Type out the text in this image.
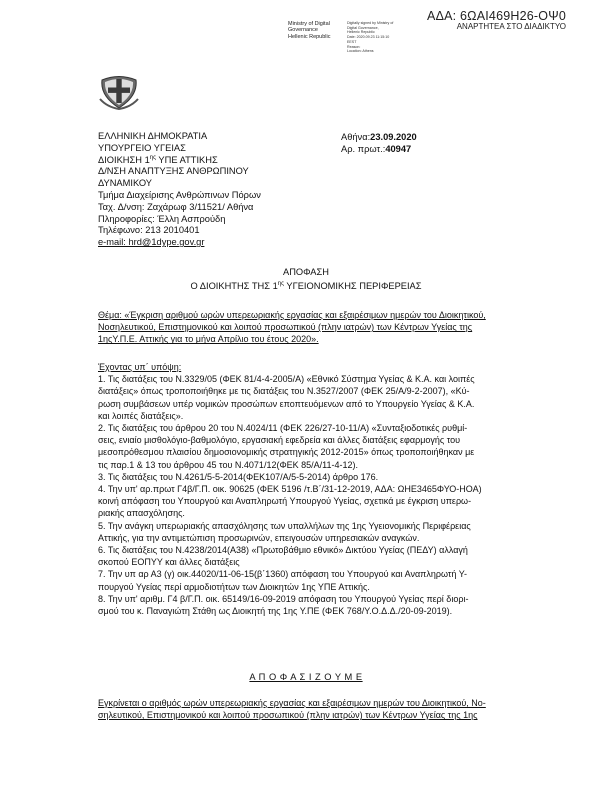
ΑΔΑ: 6ΩΑΙ469Η26-ΟΨ0
ΑΝΑΡΤΗΤΕΑ ΣΤΟ ΔΙΑΔΙΚΤΥΟ
Ministry of Digital
Governance
Hellenic Republic
Digitally signed by Ministry of
Digital Governance,
Hellenic Republic
Date: 2020.09.23 11:15:10
EEST
Reason:
Location: Athens
ΕΛΛΗΝΙΚΗ ΔΗΜΟΚΡΑΤΙΑ
ΥΠΟΥΡΓΕΙΟ ΥΓΕΙΑΣ
ΔΙΟΙΚΗΣΗ $1^{\eta\varsigma}$ ΥΠΕ ΑΤΤΙΚΗΣ
Δ/ΝΣΗ ΑΝΑΠΤΥΞΗΣ ΑΝΘΡΩΠΙΝΟΥ
ΔΥΝΑΜΙΚΟΥ
Τμήμα Διαχείρισης Ανθρώπινων Πόρων
Ταχ. Δ/νση: Ζαχάρωφ 3/11521/ Αθήνα
Πληροφορίες: Έλλη Ασπρούδη
Τηλέφωνο: 213 2010401
e-mail: hrd@1dype.gov.gr
Αθήνα:23.09.2020
Αρ. πρωτ.:40947
ΑΠΟΦΑΣΗ
Ο ΔΙΟΙΚΗΤΗΣ ΤΗΣ $1^{\eta\varsigma}$ ΥΓΕΙΟΝΟΜΙΚΗΣ ΠΕΡΙΦΕΡΕΙΑΣ
Θέμα: «Έγκριση αριθμού ωρών υπερεωριακής εργασίας και εξαιρέσιμων ημερών του Διοικητικού,
Νοσηλευτικού, Επιστημονικού και λοιπού προσωπικού (πλην ιατρών) των Κέντρων Υγείας της
1ηςΥ.Π.Ε. Αττικής για το μήνα Απρίλιο του έτους 2020».
Έχοντας υπ΄ υπόψη:
1. Τις διατάξεις του Ν.3329/05 (ΦΕΚ 81/4-4-2005/Α) «Εθνικό Σύστημα Υγείας & Κ.Α. και λοιπές
διατάξεις» όπως τροποποιήθηκε με τις διατάξεις του Ν.3527/2007 (ΦΕΚ 25/Α/9-2-2007), «Κύ-
ρωση συμβάσεων υπέρ νομικών προσώπων εποπτευόμενων από το Υπουργείο Υγείας & Κ.Α.
και λοιπές διατάξεις».
2. Τις διατάξεις του άρθρου 20 του Ν.4024/11 (ΦΕΚ 226/27-10-11/Α) «Συνταξιοδοτικές ρυθμί-
σεις, ενιαίο μισθολόγιο-βαθμολόγιο, εργασιακή εφεδρεία και άλλες διατάξεις εφαρμογής του
μεσοπρόθεσμου πλαισίου δημοσιονομικής στρατηγικής 2012-2015» όπως τροποποιήθηκαν με
τις παρ.1 & 13 του άρθρου 45 του Ν.4071/12(ΦΕΚ 85/Α/11-4-12).
3. Τις διατάξεις του Ν.4261/5-5-2014(ΦΕΚ107/Α/5-5-2014) άρθρο 176.
4. Την υπ' αρ.πρωτ Γ4β/Γ.Π. οικ. 90625 (ΦΕΚ 5196 /τ.Β΄/31-12-2019, ΑΔΑ: ΩΗΕ3465ΦΥΟ-ΗΟΑ)
κοινή απόφαση του Υπουργού και Αναπληρωτή Υπουργού Υγείας, σχετικά με έγκριση υπερω-
ριακής απασχόλησης.
5. Την ανάγκη υπερωριακής απασχόλησης των υπαλλήλων της 1ης Υγειονομικής Περιφέρειας
Αττικής, για την αντιμετώπιση προσωρινών, επειγουσών υπηρεσιακών αναγκών.
6. Τις διατάξεις του Ν.4238/2014(Α38) «Πρωτοβάθμιο εθνικό» Δικτύου Υγείας (ΠΕΔΥ) αλλαγή
σκοπού ΕΟΠΥΥ και άλλες διατάξεις
7. Την υπ αρ Α3 (γ) οικ.44020/11-06-15(β΄1360) απόφαση του Υπουργού και Αναπληρωτή Υ-
πουργού Υγείας περί αρμοδιοτήτων των Διοικητών 1ης ΥΠΕ Αττικής.
8. Την υπ' αριθμ. Γ4 β/Γ.Π. οικ. 65149/16-09-2019 απόφαση του Υπουργού Υγείας περί διορι-
σμού του κ. Παναγιώτη Στάθη ως Διοικητή της 1ης Υ.ΠΕ (ΦΕΚ 768/Υ.Ο.Δ.Δ./20-09-2019).
Α Π Ο Φ Α Σ Ι Ζ Ο Υ Μ Ε
Εγκρίνεται ο αριθμός ωρών υπερεωριακής εργασίας και εξαιρέσιμων ημερών του Διοικητικού, Νο-
σηλευτικού, Επιστημονικού και λοιπού προσωπικού (πλην ιατρών) των Κέντρων Υγείας της 1ης
